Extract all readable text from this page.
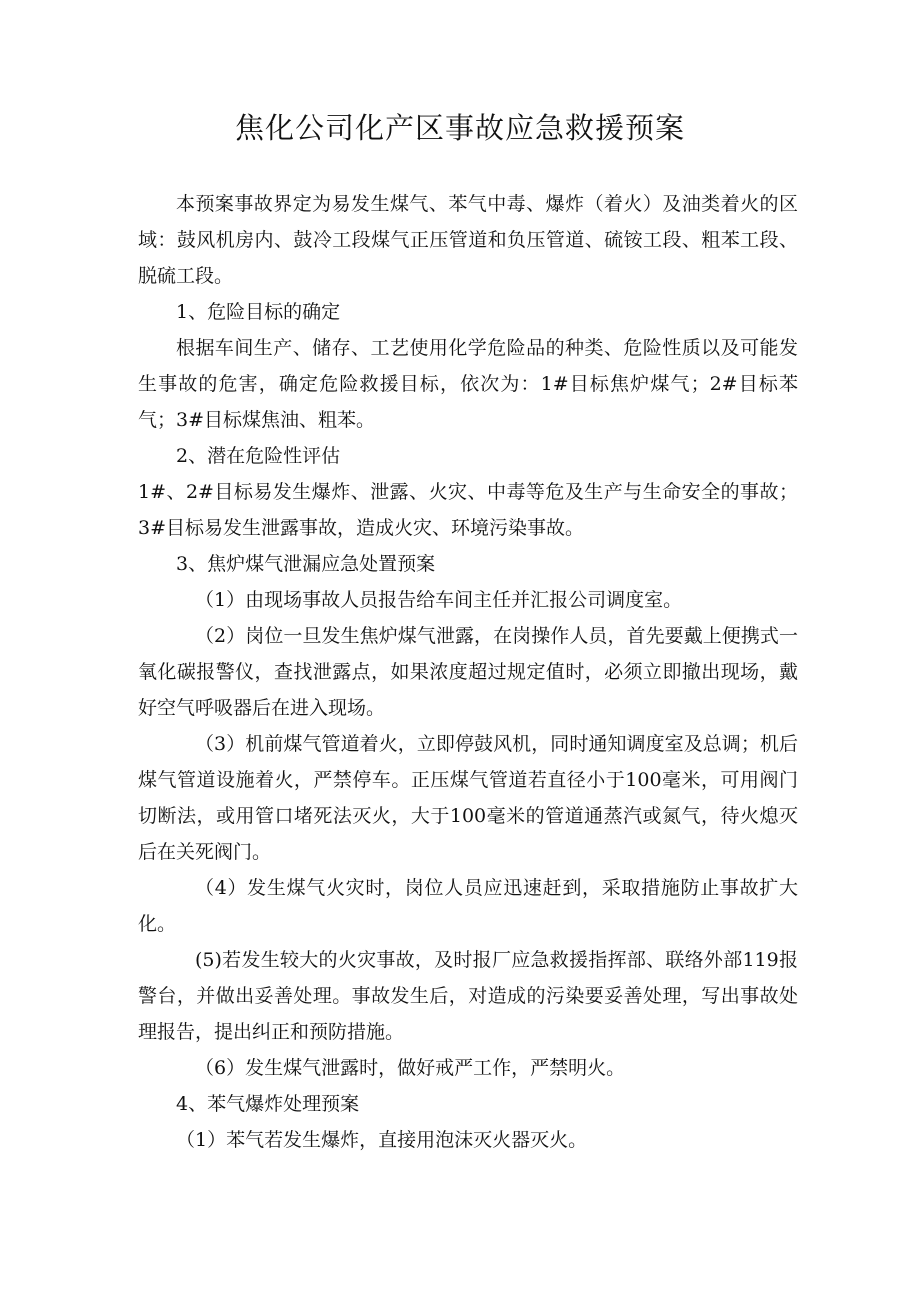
焦化公司化产区事故应急救援预案

本预案事故界定为易发生煤气、苯气中毒、爆炸（着火）及油类着火的区域：鼓风机房内、鼓冷工段煤气正压管道和负压管道、硫铵工段、粗苯工段、脱硫工段。

1、危险目标的确定

根据车间生产、储存、工艺使用化学危险品的种类、危险性质以及可能发生事故的危害，确定危险救援目标，依次为：1#目标焦炉煤气；2#目标苯气；3#目标煤焦油、粗苯。

2、潜在危险性评估

1#、2#目标易发生爆炸、泄露、火灾、中毒等危及生产与生命安全的事故；3#目标易发生泄露事故，造成火灾、环境污染事故。

3、焦炉煤气泄漏应急处置预案

（1）由现场事故人员报告给车间主任并汇报公司调度室。

（2）岗位一旦发生焦炉煤气泄露，在岗操作人员，首先要戴上便携式一氧化碳报警仪，查找泄露点，如果浓度超过规定值时，必须立即撤出现场，戴好空气呼吸器后在进入现场。

（3）机前煤气管道着火，立即停鼓风机，同时通知调度室及总调；机后煤气管道设施着火，严禁停车。正压煤气管道若直径小于100毫米，可用阀门切断法，或用管口堵死法灭火，大于100毫米的管道通蒸汽或氮气，待火熄灭后在关死阀门。

（4）发生煤气火灾时，岗位人员应迅速赶到，采取措施防止事故扩大化。

(5)若发生较大的火灾事故，及时报厂应急救援指挥部、联络外部119报警台，并做出妥善处理。事故发生后，对造成的污染要妥善处理，写出事故处理报告，提出纠正和预防措施。

（6）发生煤气泄露时，做好戒严工作，严禁明火。

4、苯气爆炸处理预案

（1）苯气若发生爆炸，直接用泡沫灭火器灭火。
